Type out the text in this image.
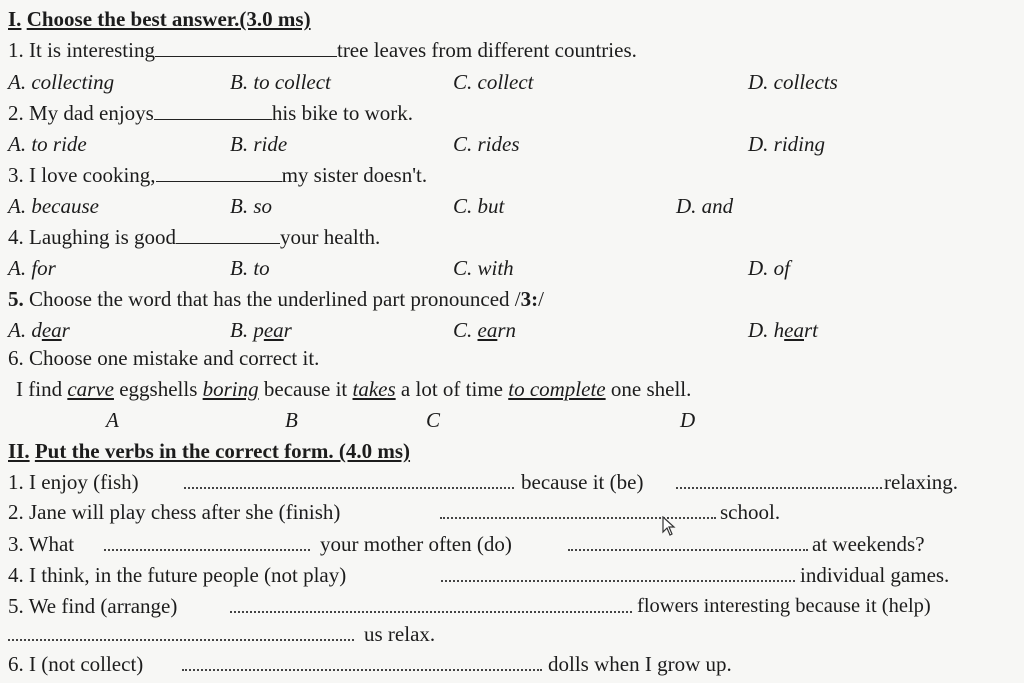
I. Choose the best answer.(3.0 ms)
1. It is interesting	tree leaves from different countries.
A. collecting	B. to collect	C. collect	D. collects
2. My dad enjoys	his bike to work.
A. to ride	B. ride	C. rides	D. riding
3. I love cooking,	my sister doesn't.
A. because	B. so	C. but	D. and
4. Laughing is good	your health.
A. for	B. to	C. with	D. of
5. Choose the word that has the underlined part pronounced /3:/
A. dear	B. pear	C. earn	D. heart
6. Choose one mistake and correct it.
I find carve eggshells boring because it takes a lot of time to complete one shell.
A	B	C	D
II. Put the verbs in the correct form. (4.0 ms)
1. I enjoy (fish)	because it (be)	relaxing.
2. Jane will play chess after she (finish)	school.
3. What	your mother often (do)	at weekends?
4. I think, in the future people (not play)	individual games.
5. We find (arrange)	flowers interesting because it (help)
us relax.
6. I (not collect)	dolls when I grow up.
